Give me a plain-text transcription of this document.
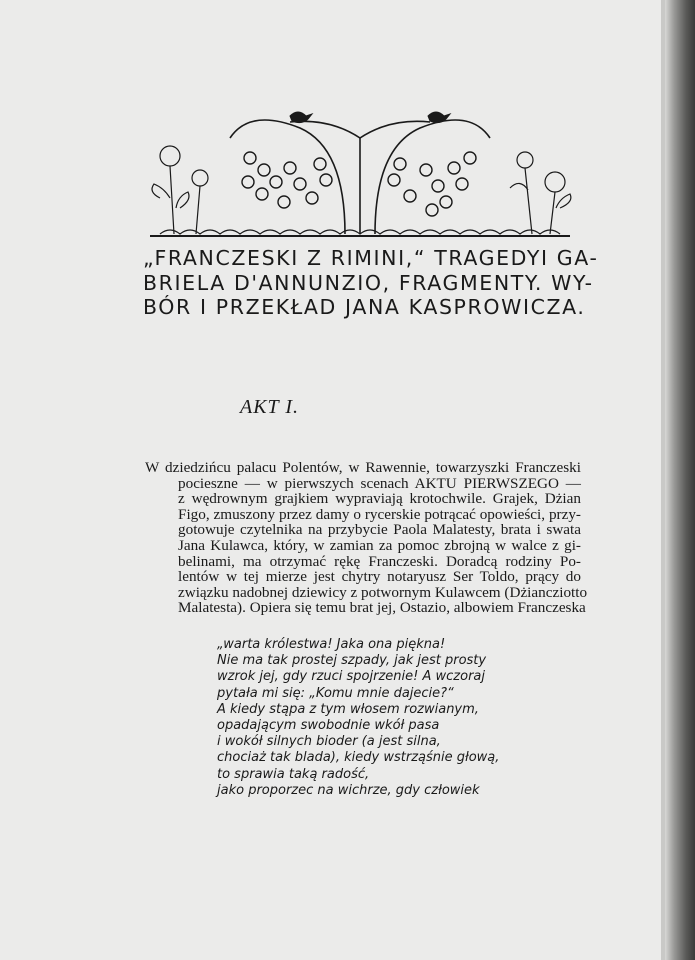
„FRANCZESKI Z RIMINI,“ TRAGEDYI GA-
BRIELA D'ANNUNZIO, FRAGMENTY. WY-
BÓR I PRZEKŁAD JANA KASPROWICZA.
AKT I.
W dziedzińcu palacu Polentów, w Rawennie, towarzyszki Franczeski
pocieszne — w pierwszych scenach AKTU PIERWSZEGO —
z wędrownym grajkiem wypraviają krotochwile. Grajek, Dżian
Figo, zmuszony przez damy o rycerskie potrącać opowieści, przy-
gotowuje czytelnika na przybycie Paola Malatesty, brata i swata
Jana Kulawca, który, w zamian za pomoc zbrojną w walce z gi-
belinami, ma otrzymać rękę Franczeski. Doradcą rodziny Po-
lentów w tej mierze jest chytry notaryusz Ser Toldo, prący do
związku nadobnej dziewicy z potwornym Kulawcem (Dżiancziotto
Malatesta). Opiera się temu brat jej, Ostazio, albowiem Franczeska
„warta królestwa! Jaka ona piękna!
Nie ma tak prostej szpady, jak jest prosty
wzrok jej, gdy rzuci spojrzenie! A wczoraj
pytała mi się: „Komu mnie dajecie?“
A kiedy stąpa z tym włosem rozwianym,
opadającym swobodnie wkół pasa
i wokół silnych bioder (a jest silna,
chociaż tak blada), kiedy wstrząśnie głową,
to sprawia taką radość,
jako proporzec na wichrze, gdy człowiek
